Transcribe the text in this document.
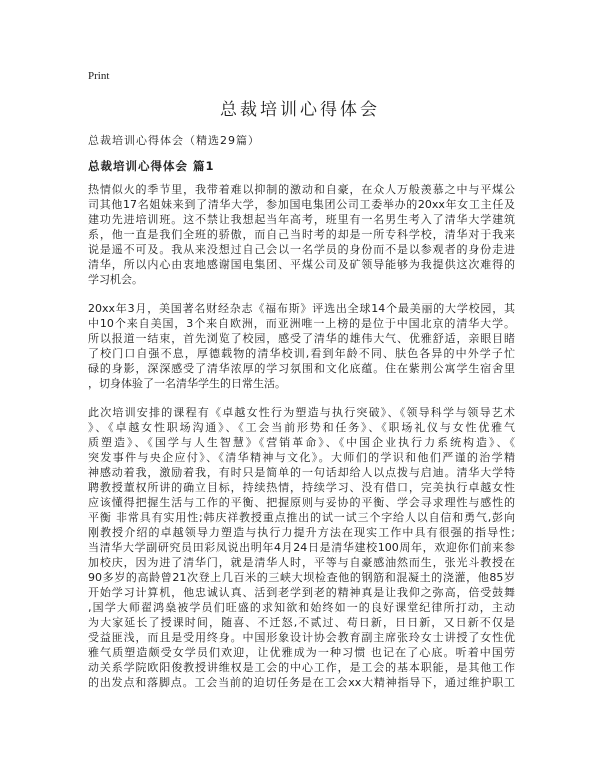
Print
总裁培训心得体会
总裁培训心得体会（精选29篇）
总裁培训心得体会 篇1
热情似火的季节里，我带着难以抑制的激动和自豪，在众人万般羡慕之中与平煤公
司其他17名姐妹来到了清华大学，参加国电集团公司工委举办的20xx年女工主任及
建功先进培训班。这不禁让我想起当年高考，班里有一名男生考入了清华大学建筑
系，他一直是我们全班的骄傲，而自己当时考的却是一所专科学校，清华对于我来
说是遥不可及。我从来没想过自己会以一名学员的身份而不是以参观者的身份走进
清华，所以内心由衷地感谢国电集团、平煤公司及矿领导能够为我提供这次难得的
学习机会。
20xx年3月，美国著名财经杂志《福布斯》评选出全球14个最美丽的大学校园，其
中10个来自美国，3个来自欧洲，而亚洲唯一上榜的是位于中国北京的清华大学。
所以报道一结束，首先浏览了校园，感受了清华的雄伟大气、优雅舒适，亲眼目睹
了校门口自强不息，厚德载物的清华校训,看到年龄不同、肤色各异的中外学子忙
碌的身影，深深感受了清华浓厚的学习氛围和文化底蕴。住在紫荆公寓学生宿舍里
，切身体验了一名清华学生的日常生活。
此次培训安排的课程有《卓越女性行为塑造与执行突破》、《领导科学与领导艺术
》、《卓越女性职场沟通》、《工会当前形势和任务》、《职场礼仪与女性优雅气
质塑造》、《国学与人生智慧》《营销革命》、《中国企业执行力系统构造》、《
突发事件与央企应付》、《清华精神与文化》。大师们的学识和他们严谨的治学精
神感动着我，激励着我，有时只是简单的一句话却给人以点拨与启迪。清华大学特
聘教授董权所讲的确立目标，持续热情，持续学习、没有借口，完美执行卓越女性
应该懂得把握生活与工作的平衡、把握原则与妥协的平衡、学会寻求理性与感性的
平衡 非常具有实用性;韩庆祥教授重点推出的试一试三个字给人以自信和勇气,彭向
刚教授介绍的卓越领导力塑造与执行力提升方法在现实工作中具有很强的指导性;
当清华大学副研究员田彩凤说出明年4月24日是清华建校100周年，欢迎你们前来参
加校庆，因为进了清华门，就是清华人时，平等与自豪感油然而生，张光斗教授在
90多岁的高龄曾21次登上几百米的三峡大坝检查他的钢筋和混凝土的浇灌，他85岁
开始学习计算机，他忠诚认真、活到老学到老的精神真是让我仰之弥高，倍受鼓舞
,国学大师翟鸿燊被学员们旺盛的求知欲和始终如一的良好课堂纪律所打动，主动
为大家延长了授课时间，随喜、不迁怒,不贰过、苟日新，日日新，又日新不仅是
受益匪浅，而且是受用终身。中国形象设计协会教育副主席张玲女士讲授了女性优
雅气质塑造颇受女学员们欢迎，让优雅成为一种习惯 也记在了心底。听着中国劳
动关系学院欧阳俊教授讲维权是工会的中心工作，是工会的基本职能，是其他工作
的出发点和落脚点。工会当前的迫切任务是在工会xx大精神指导下，通过维护职工
